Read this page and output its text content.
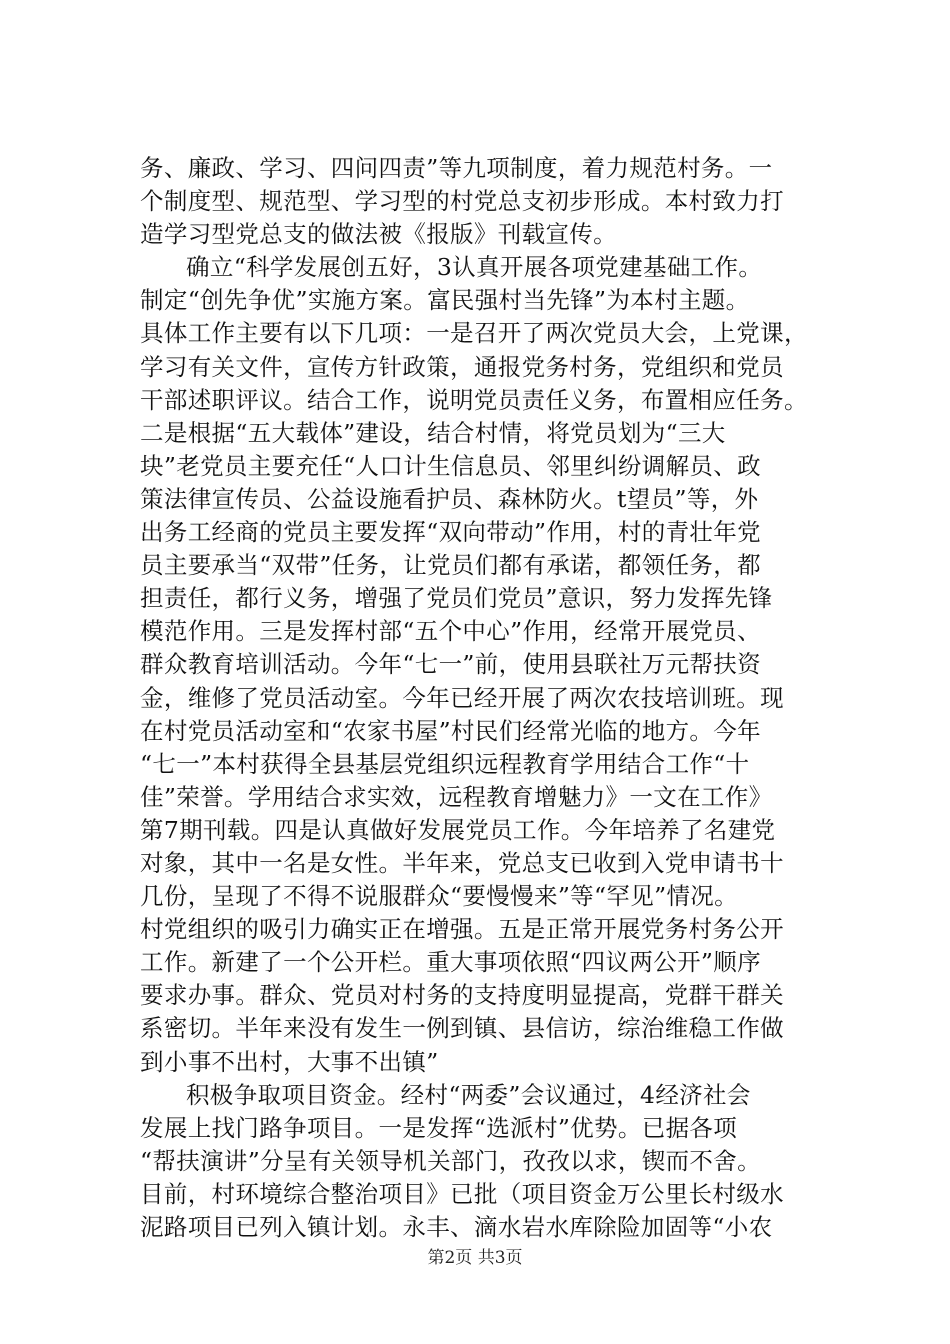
务、廉政、学习、四问四责”等九项制度，着力规范村务。一
个制度型、规范型、学习型的村党总支初步形成。本村致力打
造学习型党总支的做法被《报版》刊载宣传。
确立“科学发展创五好，3认真开展各项党建基础工作。
制定“创先争优”实施方案。富民强村当先锋”为本村主题。
具体工作主要有以下几项：一是召开了两次党员大会，上党课，
学习有关文件，宣传方针政策，通报党务村务，党组织和党员
干部述职评议。结合工作，说明党员责任义务，布置相应任务。
二是根据“五大载体”建设，结合村情，将党员划为“三大
块”老党员主要充任“人口计生信息员、邻里纠纷调解员、政
策法律宣传员、公益设施看护员、森林防火。t望员”等，外
出务工经商的党员主要发挥“双向带动”作用，村的青壮年党
员主要承当“双带”任务，让党员们都有承诺，都领任务，都
担责任，都行义务，增强了党员们党员”意识，努力发挥先锋
模范作用。三是发挥村部“五个中心”作用，经常开展党员、
群众教育培训活动。今年“七一”前，使用县联社万元帮扶资
金，维修了党员活动室。今年已经开展了两次农技培训班。现
在村党员活动室和“农家书屋”村民们经常光临的地方。今年
“七一”本村获得全县基层党组织远程教育学用结合工作“十
佳”荣誉。学用结合求实效，远程教育增魅力》一文在工作》
第7期刊载。四是认真做好发展党员工作。今年培养了名建党
对象，其中一名是女性。半年来，党总支已收到入党申请书十
几份，呈现了不得不说服群众“要慢慢来”等“罕见”情况。
村党组织的吸引力确实正在增强。五是正常开展党务村务公开
工作。新建了一个公开栏。重大事项依照“四议两公开”顺序
要求办事。群众、党员对村务的支持度明显提高，党群干群关
系密切。半年来没有发生一例到镇、县信访，综治维稳工作做
到小事不出村，大事不出镇”
积极争取项目资金。经村“两委”会议通过，4经济社会
发展上找门路争项目。一是发挥“选派村”优势。已据各项
“帮扶演讲”分呈有关领导机关部门，孜孜以求，锲而不舍。
目前，村环境综合整治项目》已批（项目资金万公里长村级水
泥路项目已列入镇计划。永丰、滴水岩水库除险加固等“小农
第2页 共3页
